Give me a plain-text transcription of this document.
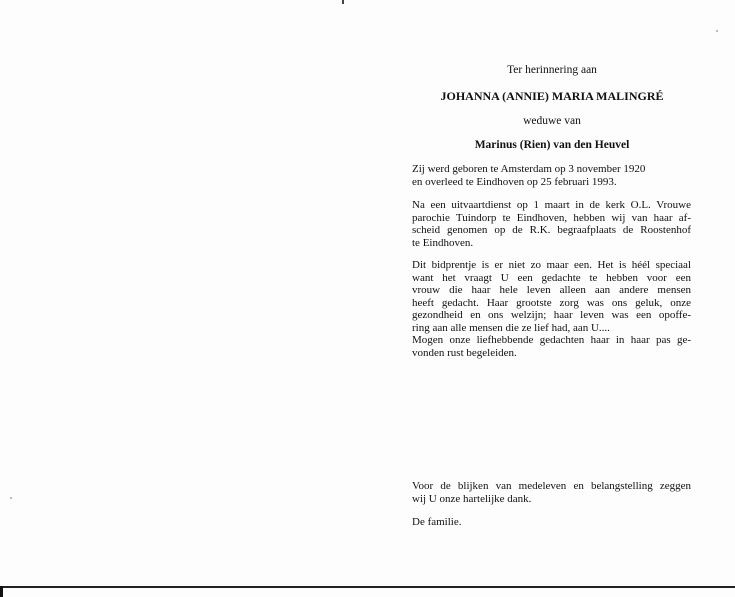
Ter herinnering aan
JOHANNA (ANNIE) MARIA MALINGRÉ
weduwe van
Marinus (Rien) van den Heuvel
Zij werd geboren te Amsterdam op 3 november 1920
en overleed te Eindhoven op 25 februari 1993.
Na een uitvaartdienst op 1 maart in de kerk O.L. Vrouwe
parochie Tuindorp te Eindhoven, hebben wij van haar af-
scheid genomen op de R.K. begraafplaats de Roostenhof
te Eindhoven.
Dit bidprentje is er niet zo maar een. Het is héél speciaal
want het vraagt U een gedachte te hebben voor een
vrouw die haar hele leven alleen aan andere mensen
heeft gedacht. Haar grootste zorg was ons geluk, onze
gezondheid en ons welzijn; haar leven was een opoffe-
ring aan alle mensen die ze lief had, aan U....
Mogen onze liefhebbende gedachten haar in haar pas ge-
vonden rust begeleiden.
Voor de blijken van medeleven en belangstelling zeggen
wij U onze hartelijke dank.
De familie.
